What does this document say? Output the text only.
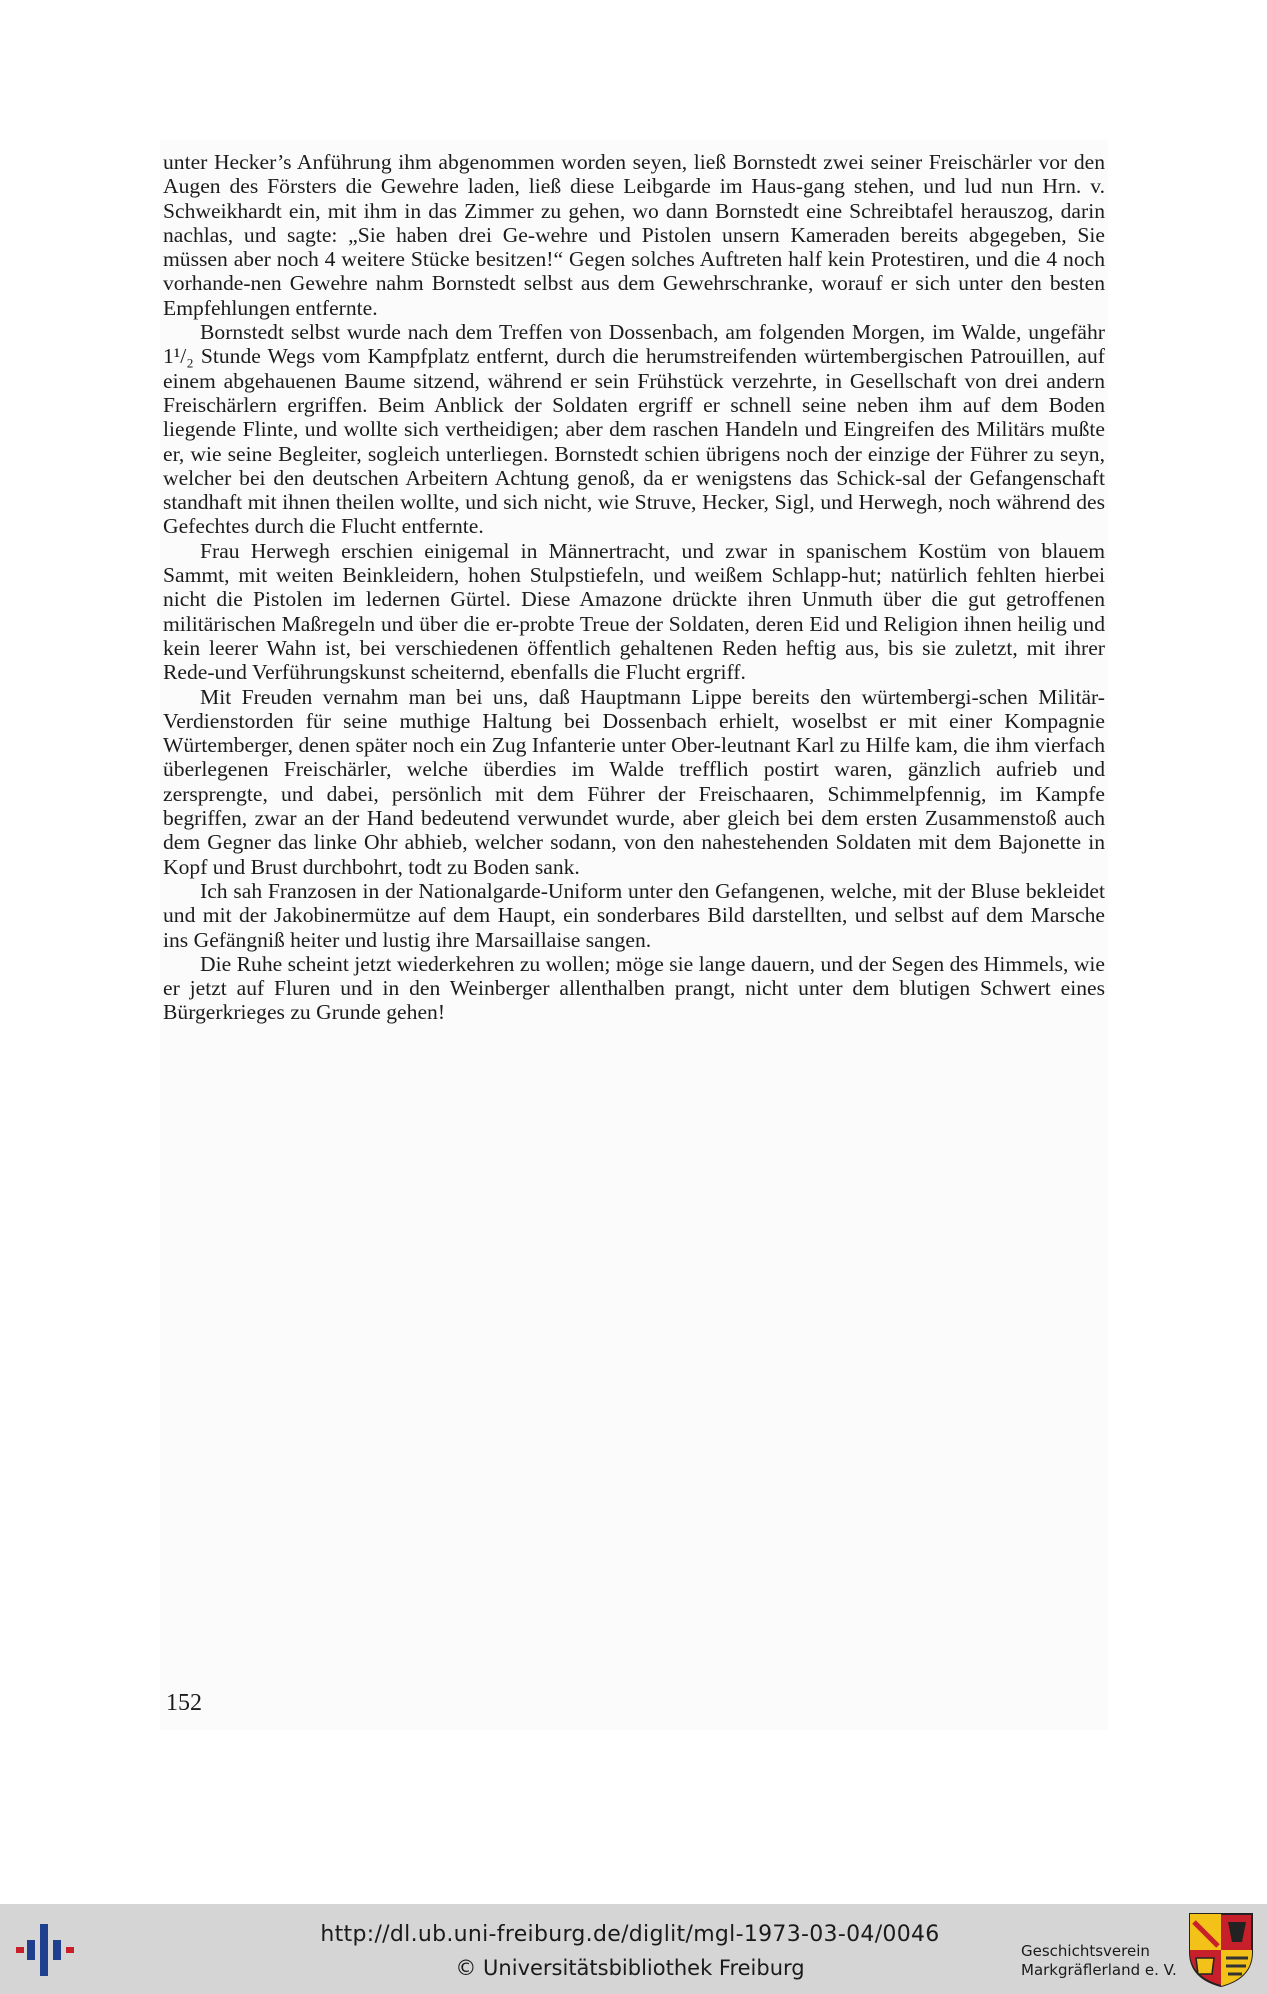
unter Hecker’s Anführung ihm abgenommen worden seyen, ließ Bornstedt zwei seiner Freischärler vor den Augen des Försters die Gewehre laden, ließ diese Leibgarde im Haus-gang stehen, und lud nun Hrn. v. Schweikhardt ein, mit ihm in das Zimmer zu gehen, wo dann Bornstedt eine Schreibtafel herauszog, darin nachlas, und sagte: „Sie haben drei Ge-wehre und Pistolen unsern Kameraden bereits abgegeben, Sie müssen aber noch 4 weitere Stücke besitzen!“ Gegen solches Auftreten half kein Protestiren, und die 4 noch vorhande-nen Gewehre nahm Bornstedt selbst aus dem Gewehrschranke, worauf er sich unter den besten Empfehlungen entfernte.

Bornstedt selbst wurde nach dem Treffen von Dossenbach, am folgenden Morgen, im Walde, ungefähr 1¹/₂ Stunde Wegs vom Kampfplatz entfernt, durch die herumstreifenden würtembergischen Patrouillen, auf einem abgehauenen Baume sitzend, während er sein Frühstück verzehrte, in Gesellschaft von drei andern Freischärlern ergriffen. Beim Anblick der Soldaten ergriff er schnell seine neben ihm auf dem Boden liegende Flinte, und wollte sich vertheidigen; aber dem raschen Handeln und Eingreifen des Militärs mußte er, wie seine Begleiter, sogleich unterliegen. Bornstedt schien übrigens noch der einzige der Führer zu seyn, welcher bei den deutschen Arbeitern Achtung genoß, da er wenigstens das Schick-sal der Gefangenschaft standhaft mit ihnen theilen wollte, und sich nicht, wie Struve, Hecker, Sigl, und Herwegh, noch während des Gefechtes durch die Flucht entfernte.

Frau Herwegh erschien einigemal in Männertracht, und zwar in spanischem Kostüm von blauem Sammt, mit weiten Beinkleidern, hohen Stulpstiefeln, und weißem Schlapp-hut; natürlich fehlten hierbei nicht die Pistolen im ledernen Gürtel. Diese Amazone drückte ihren Unmuth über die gut getroffenen militärischen Maßregeln und über die er-probte Treue der Soldaten, deren Eid und Religion ihnen heilig und kein leerer Wahn ist, bei verschiedenen öffentlich gehaltenen Reden heftig aus, bis sie zuletzt, mit ihrer Rede-und Verführungskunst scheiternd, ebenfalls die Flucht ergriff.

Mit Freuden vernahm man bei uns, daß Hauptmann Lippe bereits den würtembergi-schen Militär-Verdienstorden für seine muthige Haltung bei Dossenbach erhielt, woselbst er mit einer Kompagnie Würtemberger, denen später noch ein Zug Infanterie unter Ober-leutnant Karl zu Hilfe kam, die ihm vierfach überlegenen Freischärler, welche überdies im Walde trefflich postirt waren, gänzlich aufrieb und zersprengte, und dabei, persönlich mit dem Führer der Freischaaren, Schimmelpfennig, im Kampfe begriffen, zwar an der Hand bedeutend verwundet wurde, aber gleich bei dem ersten Zusammenstoß auch dem Gegner das linke Ohr abhieb, welcher sodann, von den nahestehenden Soldaten mit dem Bajonette in Kopf und Brust durchbohrt, todt zu Boden sank.

Ich sah Franzosen in der Nationalgarde-Uniform unter den Gefangenen, welche, mit der Bluse bekleidet und mit der Jakobinermütze auf dem Haupt, ein sonderbares Bild darstellten, und selbst auf dem Marsche ins Gefängniß heiter und lustig ihre Marsaillaise sangen.

Die Ruhe scheint jetzt wiederkehren zu wollen; möge sie lange dauern, und der Segen des Himmels, wie er jetzt auf Fluren und in den Weinberger allenthalben prangt, nicht unter dem blutigen Schwert eines Bürgerkrieges zu Grunde gehen!

152
http://dl.ub.uni-freiburg.de/diglit/mgl-1973-03-04/0046
© Universitätsbibliothek Freiburg
Geschichtsverein
Markgräflerland e. V.
